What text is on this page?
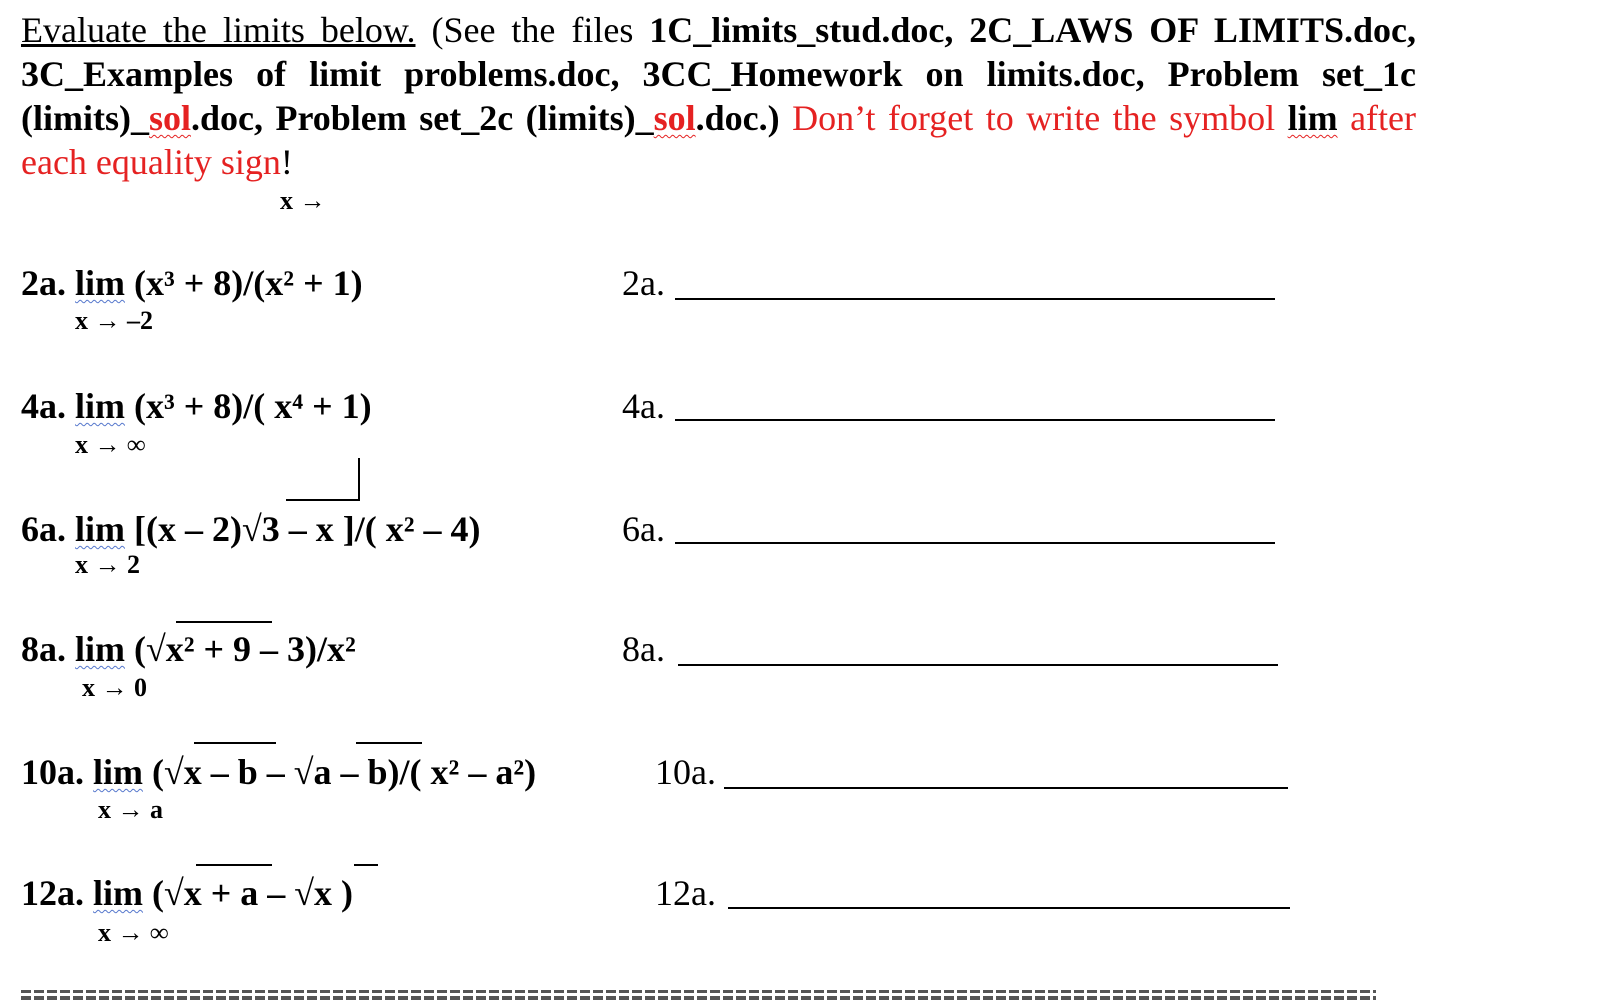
Evaluate the limits below. (See the files 1C_limits_stud.doc, 2C_LAWS OF LIMITS.doc, 3C_Examples of limit problems.doc, 3CC_Homework on limits.doc, Problem set_1c (limits)_sol.doc, Problem set_2c (limits)_sol.doc.) Don’t forget to write the symbol lim after each equality sign!
x →
2a. lim (x³ + 8)/(x² + 1)
x → –2
2a.
4a. lim (x³ + 8)/( x⁴ + 1)
x → ∞
4a.
6a. lim [(x – 2)√3 – x ]/( x² – 4)
x → 2
6a.
8a. lim (√x² + 9 – 3)/x²
x → 0
8a.
10a. lim (√x – b – √a – b)/( x² – a²)
x → a
10a.
12a. lim (√x + a – √x )
x → ∞
12a.
